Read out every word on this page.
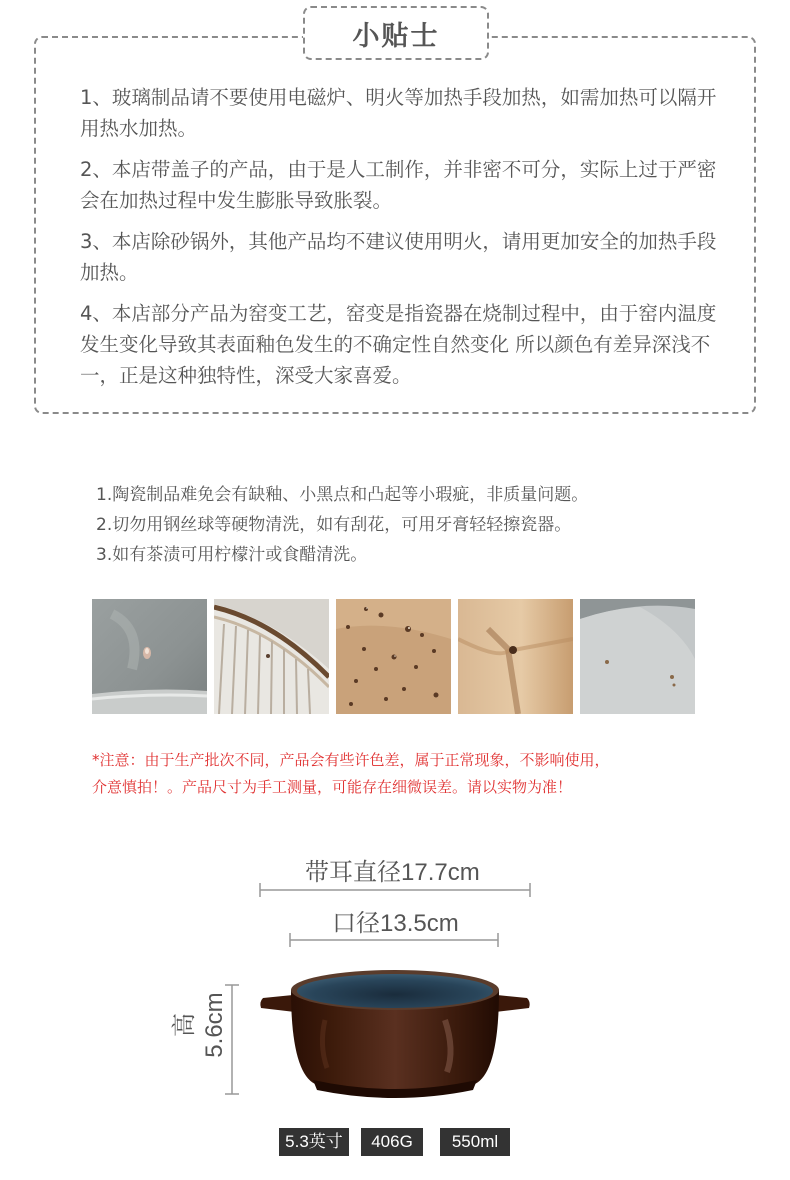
小贴士

1、玻璃制品请不要使用电磁炉、明火等加热手段加热，如需加热可以隔开用热水加热。

2、本店带盖子的产品，由于是人工制作，并非密不可分，实际上过于严密会在加热过程中发生膨胀导致胀裂。

3、本店除砂锅外，其他产品均不建议使用明火，请用更加安全的加热手段加热。

4、本店部分产品为窑变工艺，窑变是指瓷器在烧制过程中，由于窑内温度发生变化导致其表面釉色发生的不确定性自然变化 所以颜色有差异深浅不一，正是这种独特性，深受大家喜爱。

1.陶瓷制品难免会有缺釉、小黑点和凸起等小瑕疵，非质量问题。
2.切勿用钢丝球等硬物清洗，如有刮花，可用牙膏轻轻擦瓷器。
3.如有茶渍可用柠檬汁或食醋清洗。
*注意：由于生产批次不同，产品会有些许色差，属于正常现象，不影响使用，
介意慎拍！。产品尺寸为手工测量，可能存在细微误差。请以实物为准！
带耳直径17.7cm
口径13.5cm
高 5.6cm
5.3英寸	406G	550ml
